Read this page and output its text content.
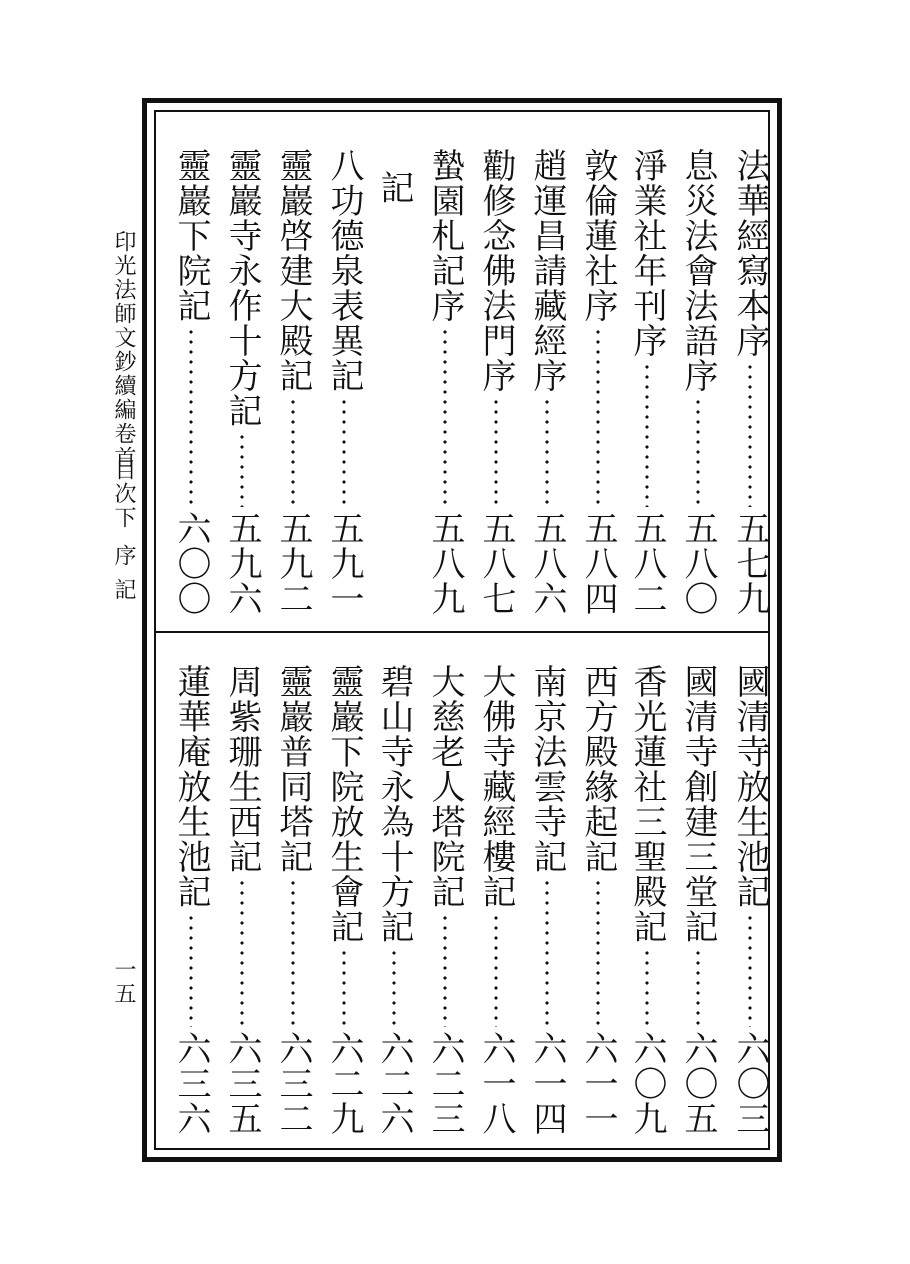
印光法師文鈔續編卷首
目次下
序
記
一五
法華經寫本序
五七九
息災法會法語序
五八〇
淨業社年刊序
五八二
敦倫蓮社序
五八四
趙運昌請藏經序
五八六
勸修念佛法門序
五八七
蟄園札記序
五八九
記
八功德泉表異記
五九一
靈巖啓建大殿記
五九二
靈巖寺永作十方記
五九六
靈巖下院記
六〇〇
國清寺放生池記
六〇三
國清寺創建三堂記
六〇五
香光蓮社三聖殿記
六〇九
西方殿緣起記
六一一
南京法雲寺記
六一四
大佛寺藏經樓記
六一八
大慈老人塔院記
六二三
碧山寺永為十方記
六二六
靈巖下院放生會記
六二九
靈巖普同塔記
六三二
周紫珊生西記
六三五
蓮華庵放生池記
六三六
